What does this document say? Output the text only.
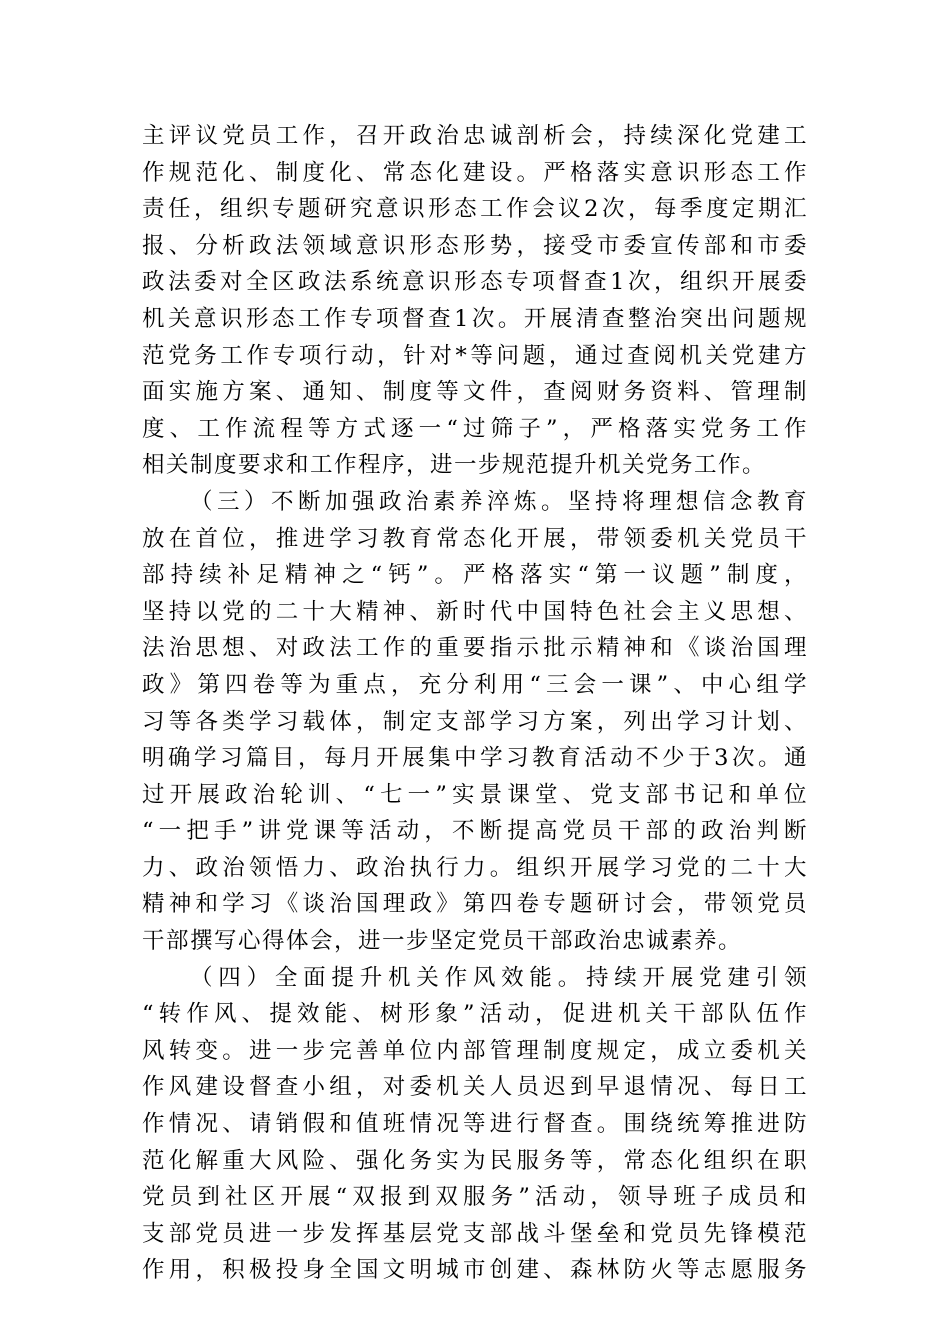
主评议党员工作，召开政治忠诚剖析会，持续深化党建工

作规范化、制度化、常态化建设。严格落实意识形态工作

责任，组织专题研究意识形态工作会议2次，每季度定期汇

报、分析政法领域意识形态形势，接受市委宣传部和市委

政法委对全区政法系统意识形态专项督查1次，组织开展委

机关意识形态工作专项督查1次。开展清查整治突出问题规

范党务工作专项行动，针对*等问题，通过查阅机关党建方

面实施方案、通知、制度等文件，查阅财务资料、管理制

度、工作流程等方式逐一“过筛子”，严格落实党务工作

相关制度要求和工作程序，进一步规范提升机关党务工作。

（三）不断加强政治素养淬炼。坚持将理想信念教育

放在首位，推进学习教育常态化开展，带领委机关党员干

部持续补足精神之“钙”。严格落实“第一议题”制度，

坚持以党的二十大精神、新时代中国特色社会主义思想、

法治思想、对政法工作的重要指示批示精神和《谈治国理

政》第四卷等为重点，充分利用“三会一课”、中心组学

习等各类学习载体，制定支部学习方案，列出学习计划、

明确学习篇目，每月开展集中学习教育活动不少于3次。通

过开展政治轮训、“七一”实景课堂、党支部书记和单位

“一把手”讲党课等活动，不断提高党员干部的政治判断

力、政治领悟力、政治执行力。组织开展学习党的二十大

精神和学习《谈治国理政》第四卷专题研讨会，带领党员

干部撰写心得体会，进一步坚定党员干部政治忠诚素养。

（四）全面提升机关作风效能。持续开展党建引领

“转作风、提效能、树形象”活动，促进机关干部队伍作

风转变。进一步完善单位内部管理制度规定，成立委机关

作风建设督查小组，对委机关人员迟到早退情况、每日工

作情况、请销假和值班情况等进行督查。围绕统筹推进防

范化解重大风险、强化务实为民服务等，常态化组织在职

党员到社区开展“双报到双服务”活动，领导班子成员和

支部党员进一步发挥基层党支部战斗堡垒和党员先锋模范

作用，积极投身全国文明城市创建、森林防火等志愿服务
